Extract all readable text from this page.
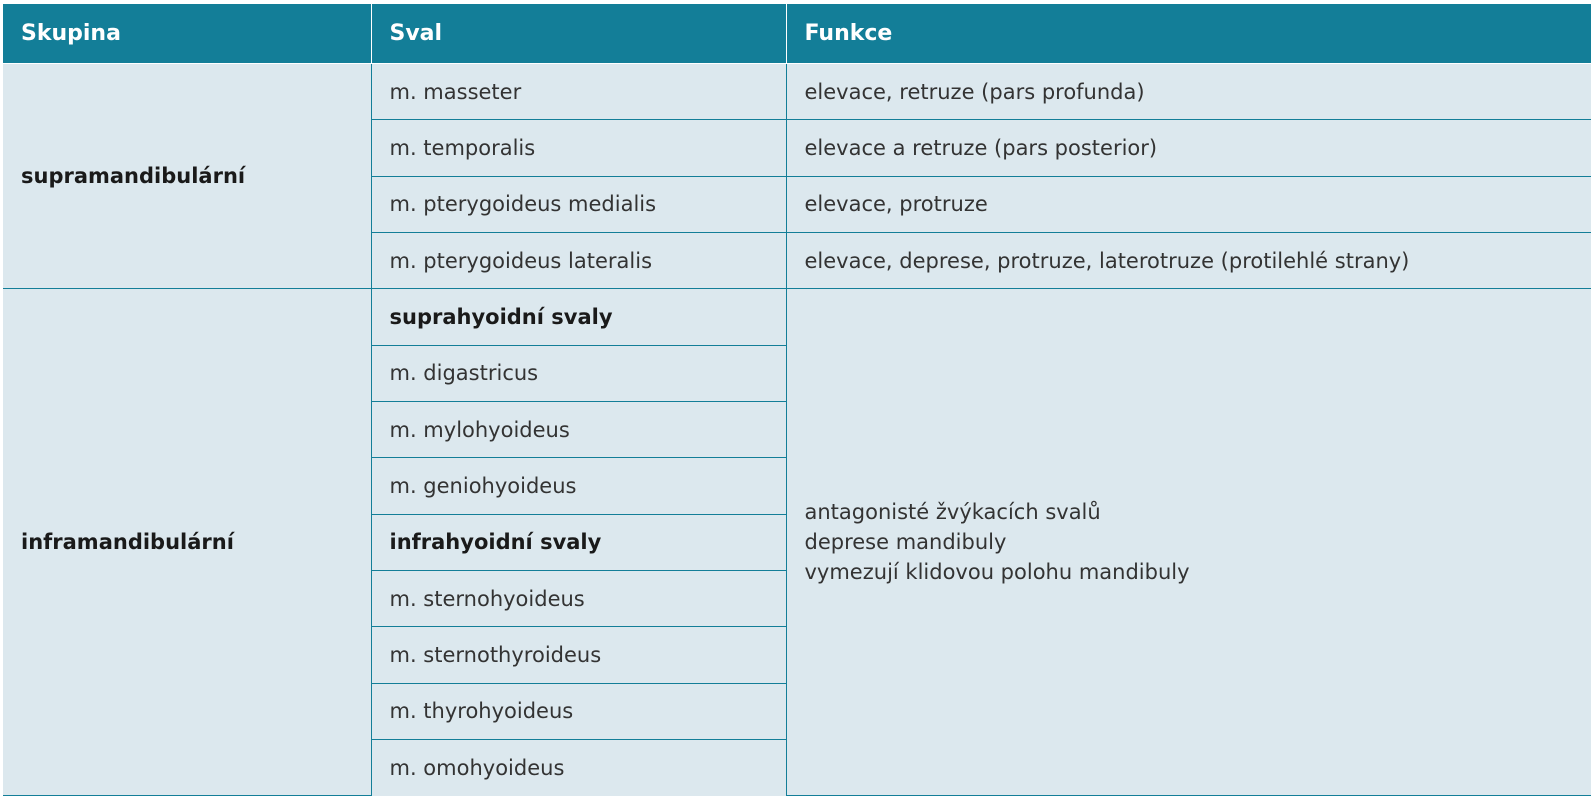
Skupina	Sval	Funkce
supramandibulární	m. masseter	elevace, retruze (pars profunda)
	m. temporalis	elevace a retruze (pars posterior)
	m. pterygoideus medialis	elevace, protruze
	m. pterygoideus lateralis	elevace, deprese, protruze, laterotruze (protilehlé strany)
inframandibulární	suprahyoidní svaly	antagonisté žvýkacích svalů
deprese mandibuly
vymezují klidovou polohu mandibuly

	m. digastricus	
	m. mylohyoideus	
	m. geniohyoideus	
	infrahyoidní svaly	
	m. sternohyoideus	
	m. sternothyroideus	
	m. thyrohyoideus	
	m. omohyoideus	
